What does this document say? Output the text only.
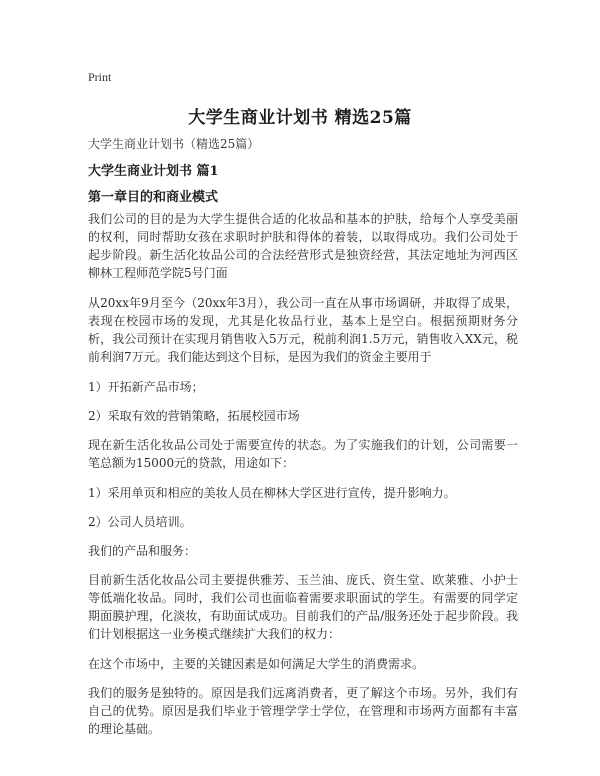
Print
大学生商业计划书 精选25篇
大学生商业计划书（精选25篇）
大学生商业计划书 篇1
第一章目的和商业模式

我们公司的目的是为大学生提供合适的化妆品和基本的护肤，给每个人享受美丽的权利，同时帮助女孩在求职时护肤和得体的着装，以取得成功。我们公司处于起步阶段。新生活化妆品公司的合法经营形式是独资经营，其法定地址为河西区柳林工程师范学院5号门面

从20xx年9月至今（20xx年3月），我公司一直在从事市场调研，并取得了成果，表现在校园市场的发现，尤其是化妆品行业，基本上是空白。根据预期财务分析，我公司预计在实现月销售收入5万元，税前利润1.5万元，销售收入XX元，税前利润7万元。我们能达到这个目标，是因为我们的资金主要用于

1）开拓新产品市场；

2）采取有效的营销策略，拓展校园市场

现在新生活化妆品公司处于需要宣传的状态。为了实施我们的计划，公司需要一笔总额为15000元的贷款，用途如下：

1）采用单页和相应的美妆人员在柳林大学区进行宣传，提升影响力。

2）公司人员培训。

我们的产品和服务：

目前新生活化妆品公司主要提供雅芳、玉兰油、庞氏、资生堂、欧莱雅、小护士等低端化妆品。同时，我们公司也面临着需要求职面试的学生。有需要的同学定期面膜护理，化淡妆，有助面试成功。目前我们的产品/服务还处于起步阶段。我们计划根据这一业务模式继续扩大我们的权力：

在这个市场中，主要的关键因素是如何满足大学生的消费需求。

我们的服务是独特的。原因是我们远离消费者，更了解这个市场。另外，我们有自己的优势。原因是我们毕业于管理学学士学位，在管理和市场两方面都有丰富的理论基础。
